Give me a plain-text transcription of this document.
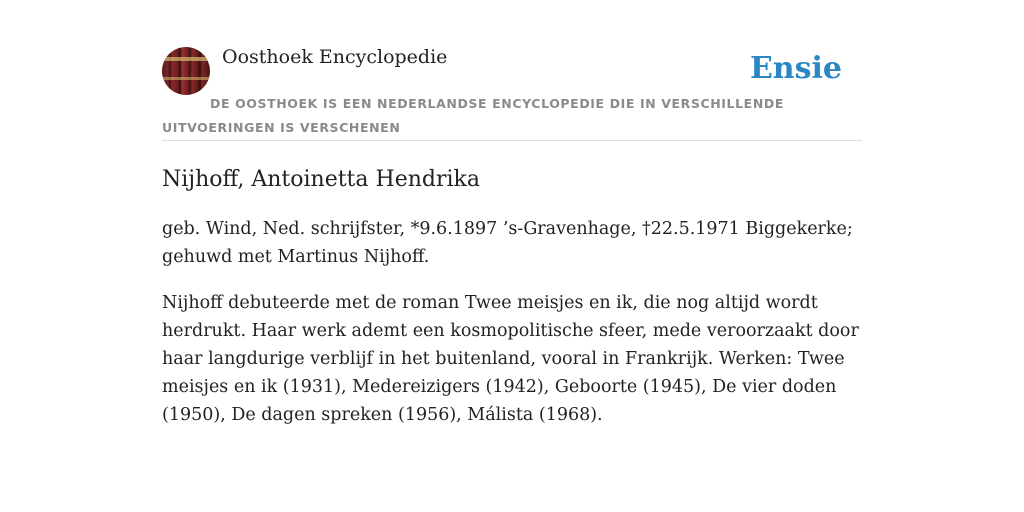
Oosthoek Encyclopedie	Ensie
DE OOSTHOEK IS EEN NEDERLANDSE ENCYCLOPEDIE DIE IN VERSCHILLENDE UITVOERINGEN IS VERSCHENEN
Nijhoff, Antoinetta Hendrika

geb. Wind, Ned. schrijfster, *9.6.1897 ’s-Gravenhage, †22.5.1971 Biggekerke; gehuwd met Martinus Nijhoff.

Nijhoff debuteerde met de roman Twee meisjes en ik, die nog altijd wordt herdrukt. Haar werk ademt een kosmopolitische sfeer, mede veroorzaakt door haar langdurige verblijf in het buitenland, vooral in Frankrijk. Werken: Twee meisjes en ik (1931), Medereizigers (1942), Geboorte (1945), De vier doden (1950), De dagen spreken (1956), Málista (1968).
